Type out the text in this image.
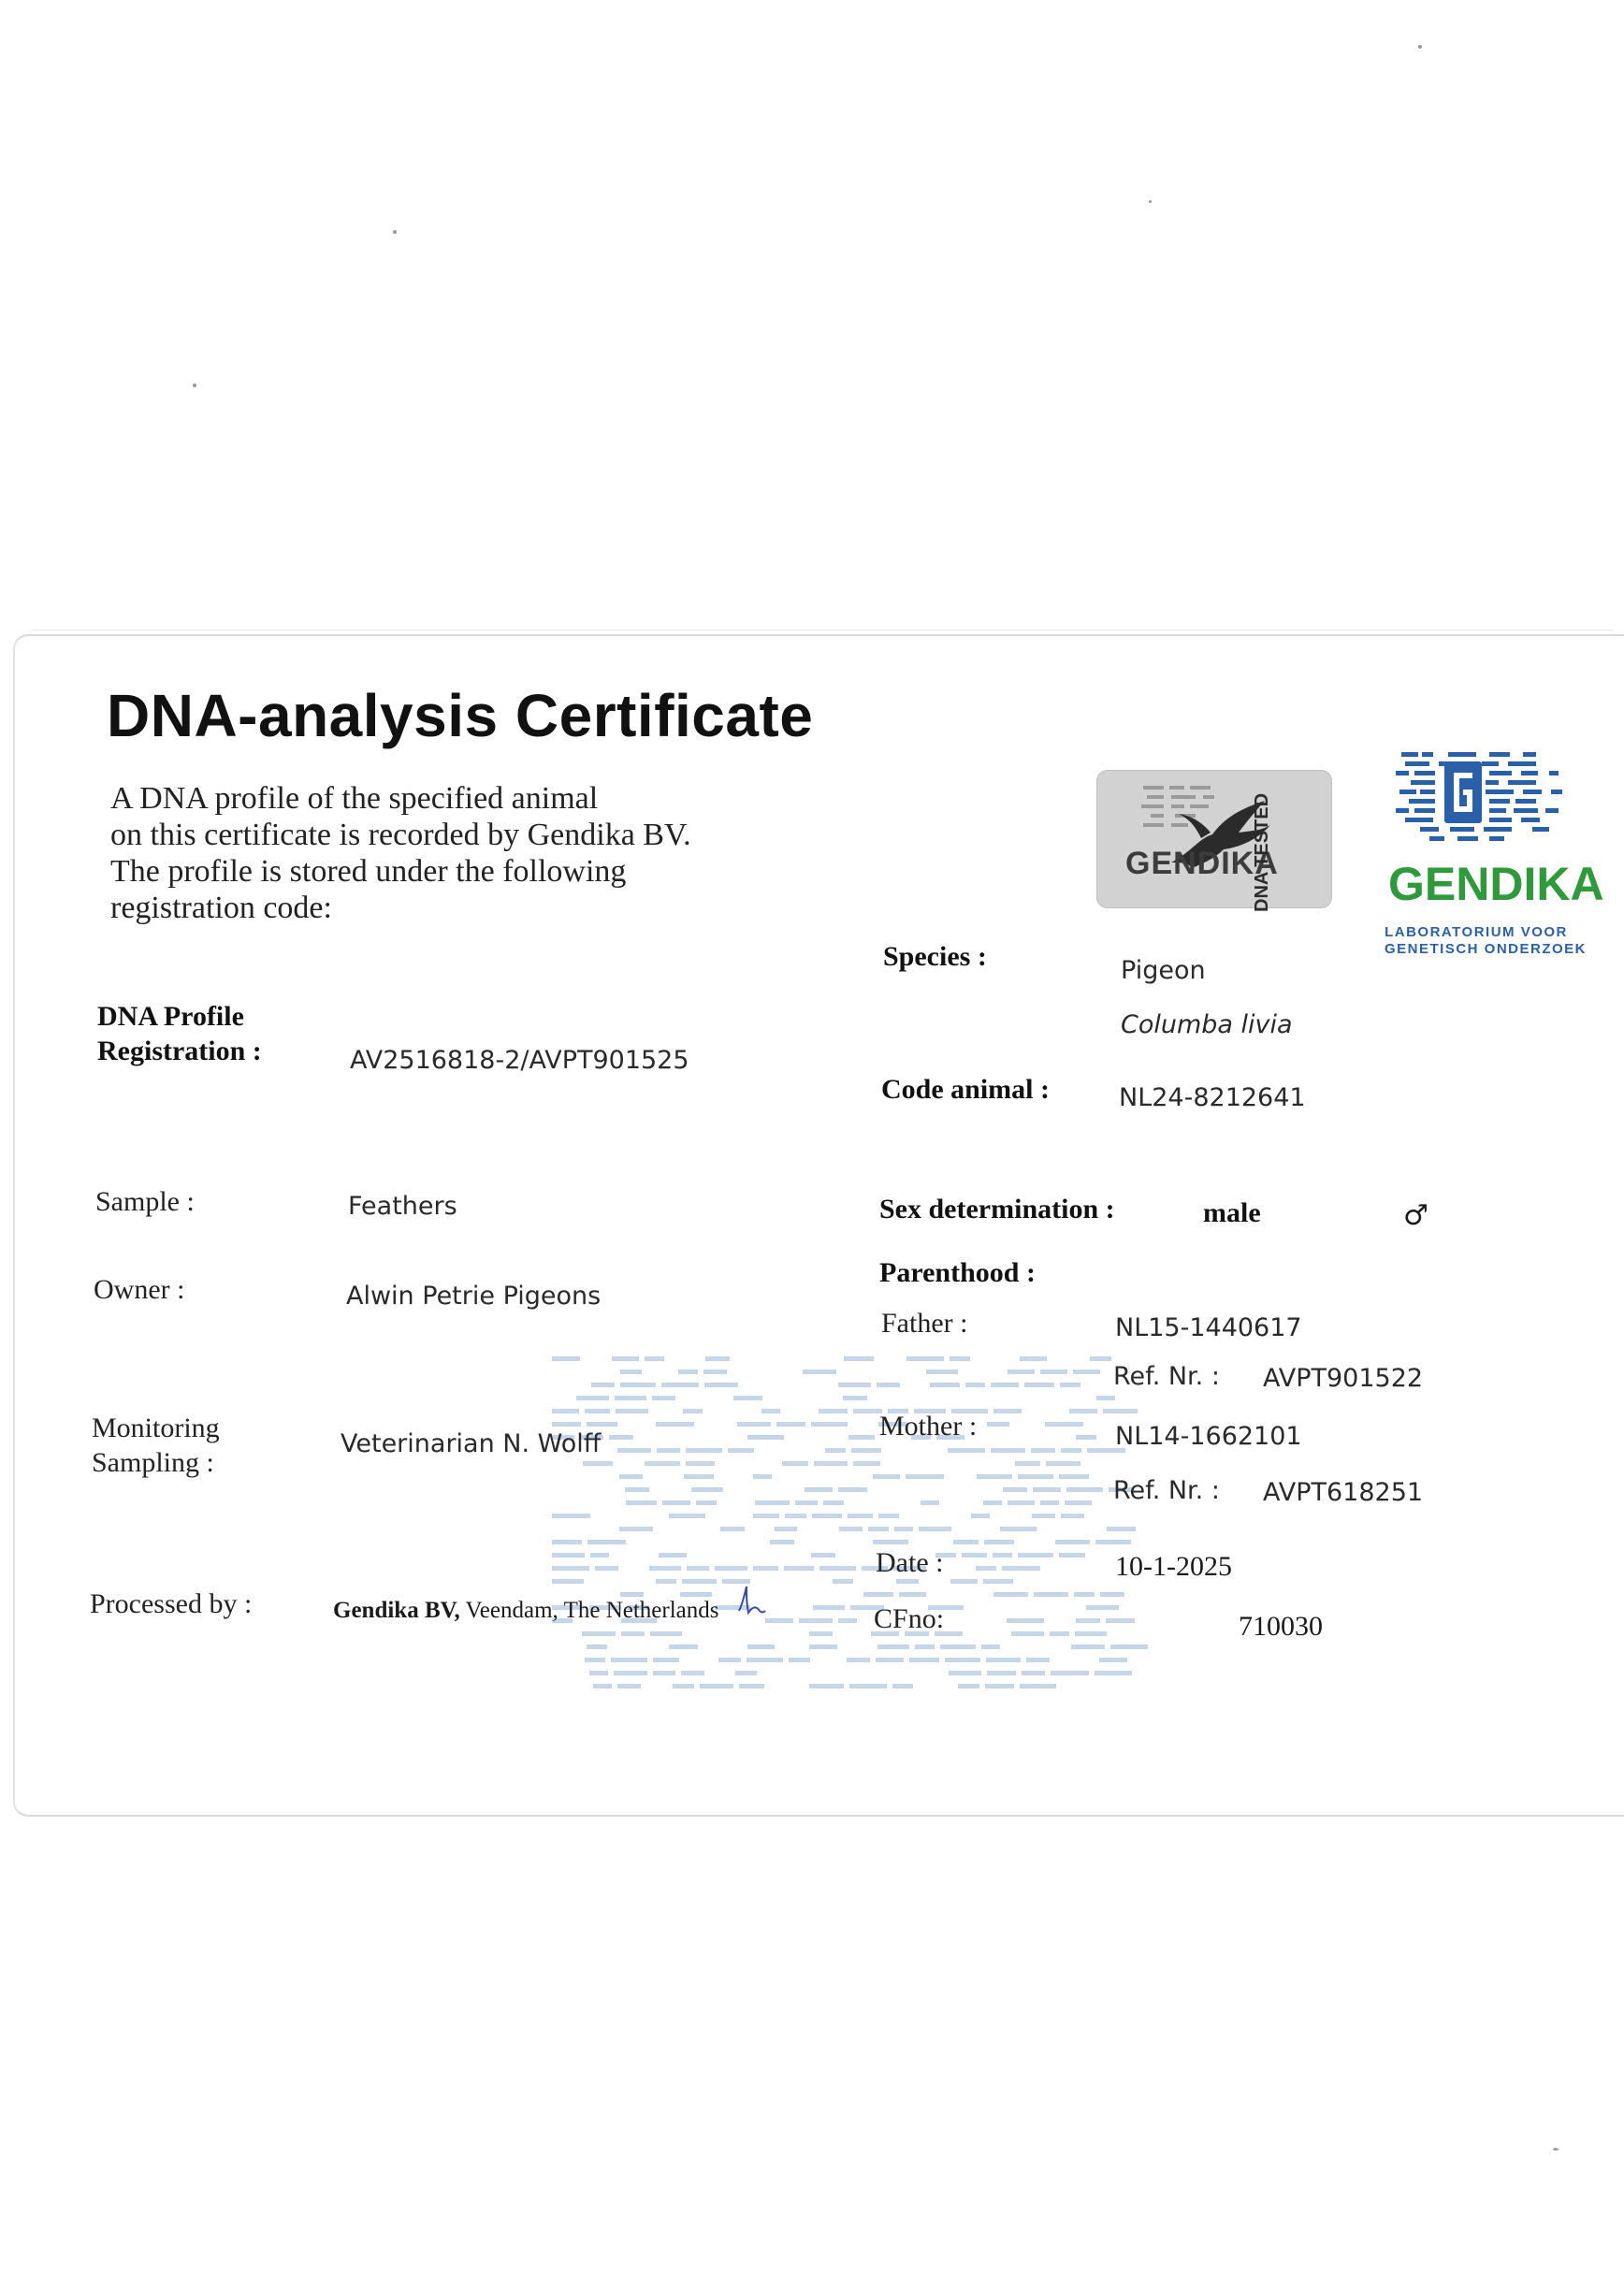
DNA-analysis Certificate
A DNA profile of the specified animal
on this certificate is recorded by Gendika BV.
The profile is stored under the following
registration code:
GENDIKA
DNA TESTED GENDIKA
LABORATORIUM VOOR
GENETISCH ONDERZOEK
DNA Profile
Registration :	AV2516818-2/AVPT901525
Sample :	Feathers
Owner :	Alwin Petrie Pigeons
Monitoring
Sampling :
Veterinarian N. Wolff
Processed by :	Gendika BV, Veendam, The Netherlands
Species :	Pigeon
Columba livia
Code animal :	NL24-8212641
Sex determination :	male	♂
Parenthood :
Father :	NL15-1440617
Ref. Nr. : AVPT901522
Mother :	NL14-1662101
Ref. Nr. : AVPT618251
Date :	10-1-2025
CFno:	710030
